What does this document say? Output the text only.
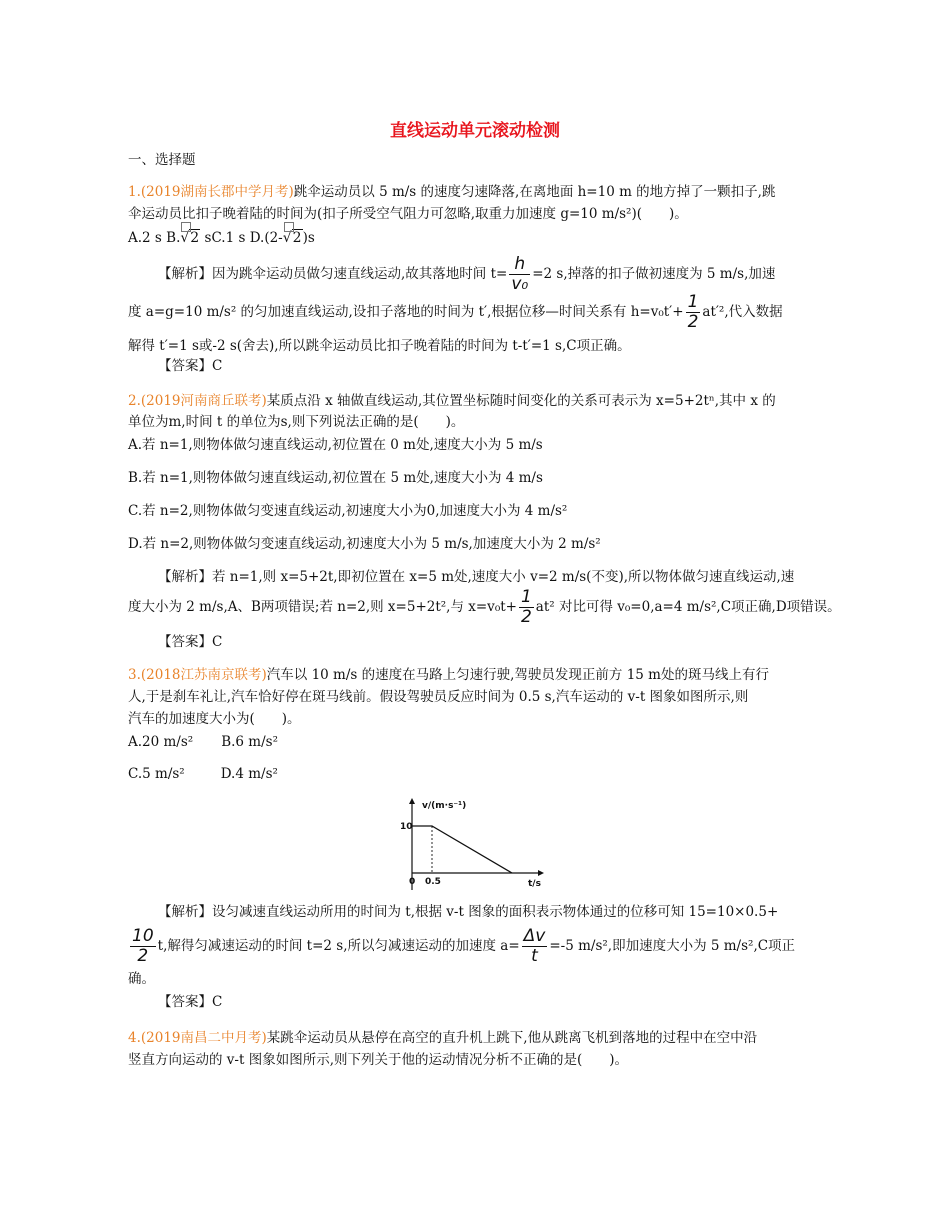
直线运动单元滚动检测
一、选择题
1.(2019湖南长郡中学月考)跳伞运动员以 5 m/s 的速度匀速降落,在离地面 h=10 m 的地方掉了一颗扣子,跳
伞运动员比扣子晚着陆的时间为(扣子所受空气阻力可忽略,取重力加速度 g=10 m/s²)(　　)。
A.2 s B.
√2 sC.1 s D.(2-
√2)s
【解析】因为跳伞运动员做匀速直线运动,故其落地时间 $t= \frac{h}{\text{v₀}} =2$ s,掉落的扣子做初速度为 5 m/s,加速
度 a=g=10 m/s² 的匀加速直线运动,设扣子落地的时间为 t′,根据位移—时间关系有 $h=v_0t'+ \frac{1}{2} at'^2$,代入数据
解得 t′=1 s或-2 s(舍去),所以跳伞运动员比扣子晚着陆的时间为 t-t′=1 s,C项正确。
【答案】C
2.(2019河南商丘联考)某质点沿 x 轴做直线运动,其位置坐标随时间变化的关系可表示为 x=5+2tⁿ,其中 x 的
单位为m,时间 t 的单位为s,则下列说法正确的是(　　)。
A.若 n=1,则物体做匀速直线运动,初位置在 0 m处,速度大小为 5 m/s
B.若 n=1,则物体做匀速直线运动,初位置在 5 m处,速度大小为 4 m/s
C.若 n=2,则物体做匀变速直线运动,初速度大小为0,加速度大小为 4 m/s²
D.若 n=2,则物体做匀变速直线运动,初速度大小为 5 m/s,加速度大小为 2 m/s²
【解析】若 n=1,则 x=5+2t,即初位置在 x=5 m处,速度大小 v=2 m/s(不变),所以物体做匀速直线运动,速
度大小为 2 m/s,A、B两项错误;若 n=2,则 x=5+2t²,与 $x=v_0t+ \frac{1}{2} at^2$ 对比可得 v₀=0,a=4 m/s²,C项正确,D项错误。
【答案】C
3.(2018江苏南京联考)汽车以 10 m/s 的速度在马路上匀速行驶,驾驶员发现正前方 15 m处的斑马线上有行
人,于是刹车礼让,汽车恰好停在斑马线前。假设驾驶员反应时间为 0.5 s,汽车运动的 v-t 图象如图所示,则
汽车的加速度大小为(　　)。
A.20 m/s² B.6 m/s²
C.5 m/s²	D.4 m/s²
v/(m·s⁻¹)
t/s
10
0 0.5
【解析】设匀减速直线运动所用的时间为 t,根据 v-t 图象的面积表示物体通过的位移可知 15=10×0.5+
$\frac{10}{2} t$,解得匀减速运动的时间 t=2 s,所以匀减速运动的加速度 $a= \frac{\Delta v}{t} =-5$ m/s²,即加速度大小为 5 m/s²,C项正
确。
【答案】C
4.(2019南昌二中月考)某跳伞运动员从悬停在高空的直升机上跳下,他从跳离飞机到落地的过程中在空中沿
竖直方向运动的 v-t 图象如图所示,则下列关于他的运动情况分析不正确的是(　　)。
